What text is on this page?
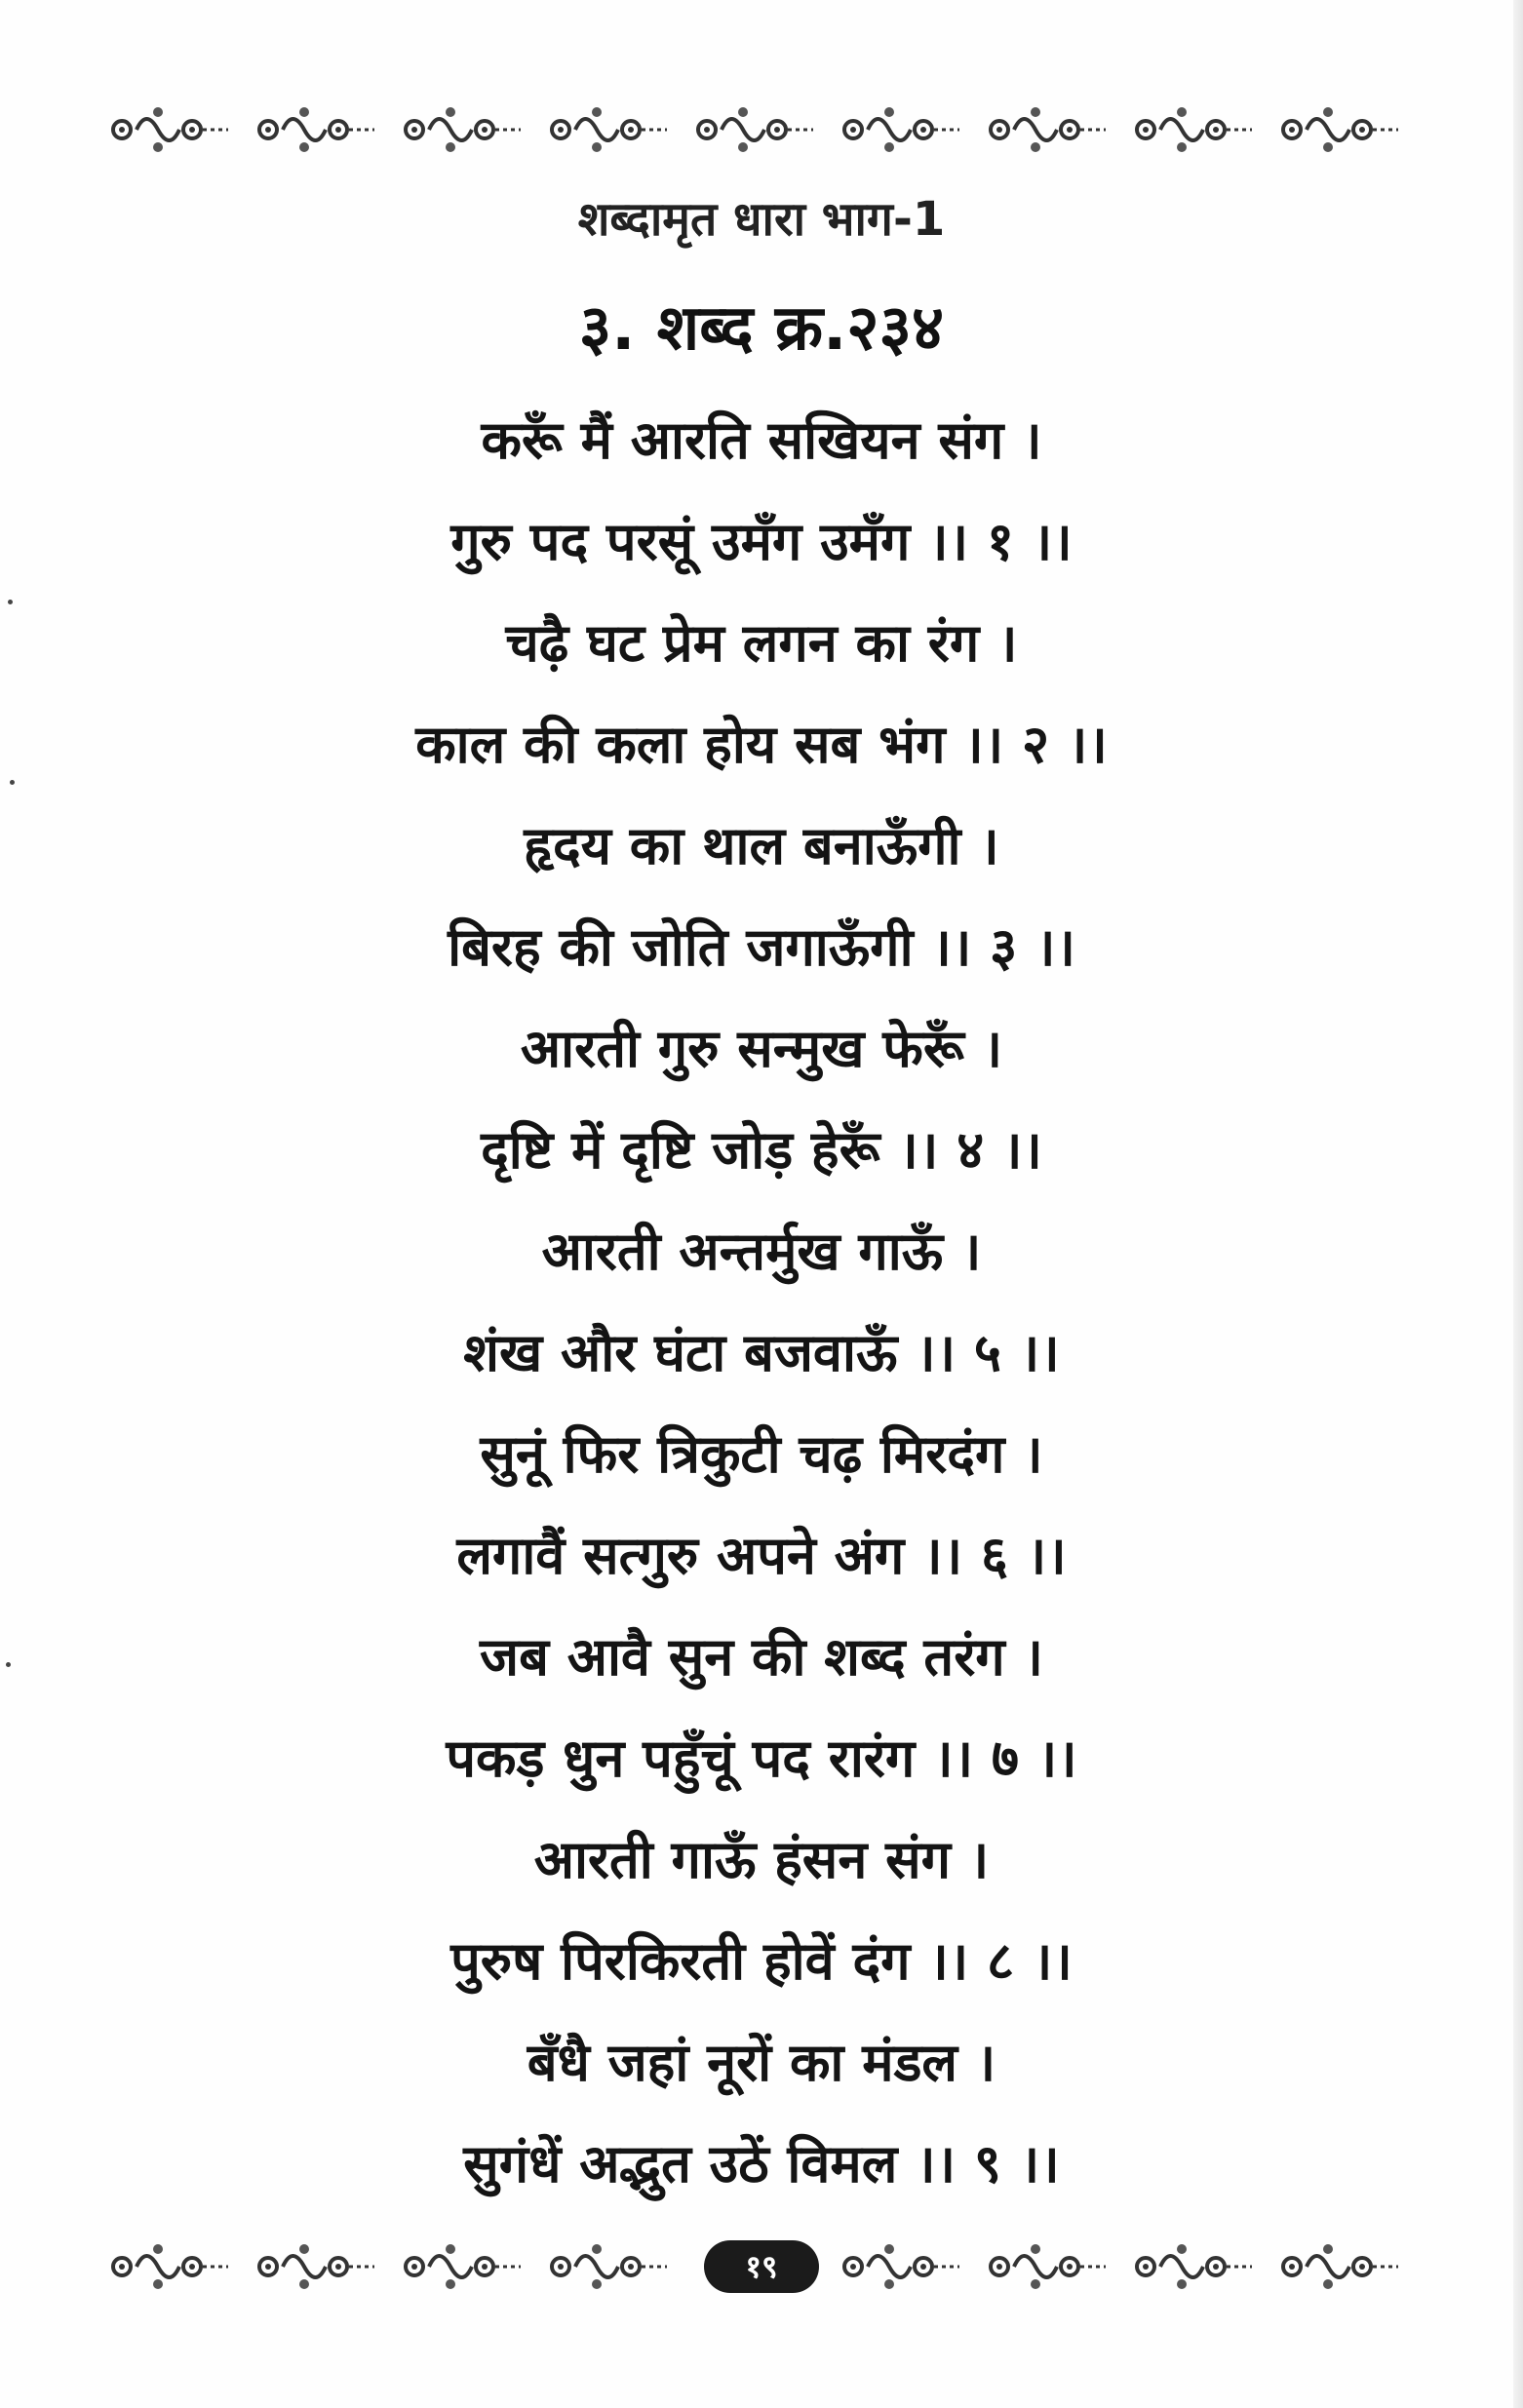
शब्दामृत धारा भाग-1
३. शब्द क्र.२३४
करूँ मैं आरति सखियन संग ।
गुरु पद परसूं उमँग उमँग ।। १ ।।
चढ़ै घट प्रेम लगन का रंग ।
काल की कला होय सब भंग ।। २ ।।
हृदय का थाल बनाऊँगी ।
बिरह की जोति जगाऊँगी ।। ३ ।।
आरती गुरु सन्मुख फेरूँ ।
दृष्टि में दृष्टि जोड़ हेरूँ ।। ४ ।।
आरती अन्तर्मुख गाऊँ ।
शंख और घंटा बजवाऊँ ।। ५ ।।
सुनूं फिर त्रिकुटी चढ़ मिरदंग ।
लगावैं सत्गुरु अपने अंग ।। ६ ।।
जब आवै सुन की शब्द तरंग ।
पकड़ धुन पहुँचूं पद रारंग ।। ७ ।।
आरती गाऊँ हंसन संग ।
पुरुष पिरकिरती होवें दंग ।। ८ ।।
बँधै जहां नूरों का मंडल ।
सुगंधें अद्भुत उठें विमल ।। ९ ।।
१९
